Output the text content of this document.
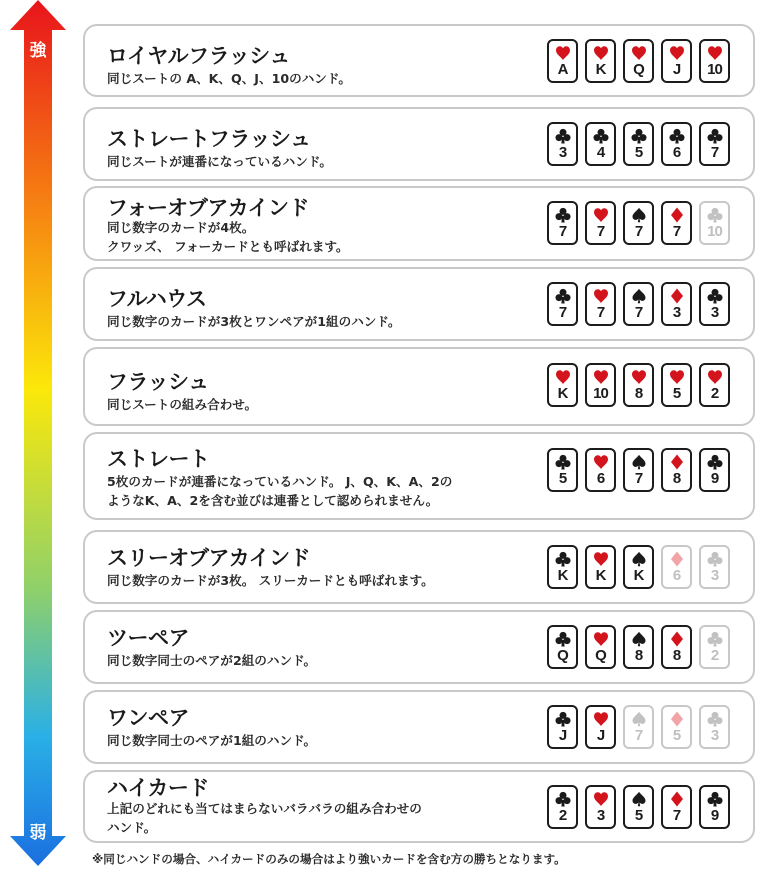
強
弱
ロイヤルフラッシュ
同じスートの A、K、Q、J、10のハンド。
A	K	Q	J	10
ストレートフラッシュ
同じスートが連番になっているハンド。
3	4	5	6	7
フォーオブアカインド
同じ数字のカードが4枚。
クワッズ、 フォーカードとも呼ばれます。
7	7	7	7	10
フルハウス
同じ数字のカードが3枚とワンペアが1組のハンド。
7	7	7	3	3
フラッシュ
同じスートの組み合わせ。
K	10	8	5	2
ストレート
5枚のカードが連番になっているハンド。 J、Q、K、A、2の
ようなK、A、2を含む並びは連番として認められません。
5	6	7	8	9
スリーオブアカインド
同じ数字のカードが3枚。 スリーカードとも呼ばれます。	K	K	K	6	3
ツーペア
同じ数字同士のペアが2組のハンド。	Q	Q	8	8	2
ワンペア
同じ数字同士のペアが1組のハンド。	J	J	7	5	3
ハイカード
上記のどれにも当てはまらないバラバラの組み合わせの
ハンド。
2	3	5	7	9
※同じハンドの場合、ハイカードのみの場合はより強いカードを含む方の勝ちとなります。
